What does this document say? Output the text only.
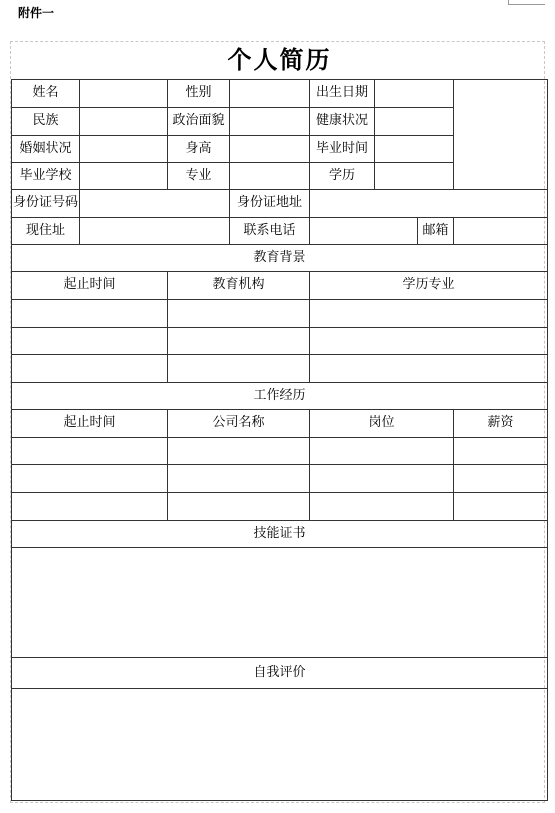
附件一
个人简历							
姓名		性别		出生日期			
民族		政治面貌		健康状况			
婚姻状况		身高		毕业时间			
毕业学校		专业		学历			
身份证号码			身份证地址				
现住址			联系电话			邮箱	
教育背景							
起止时间		教育机构		学历专业			

工作经历							
起止时间		公司名称		岗位			薪资

技能证书							

自我评价							
